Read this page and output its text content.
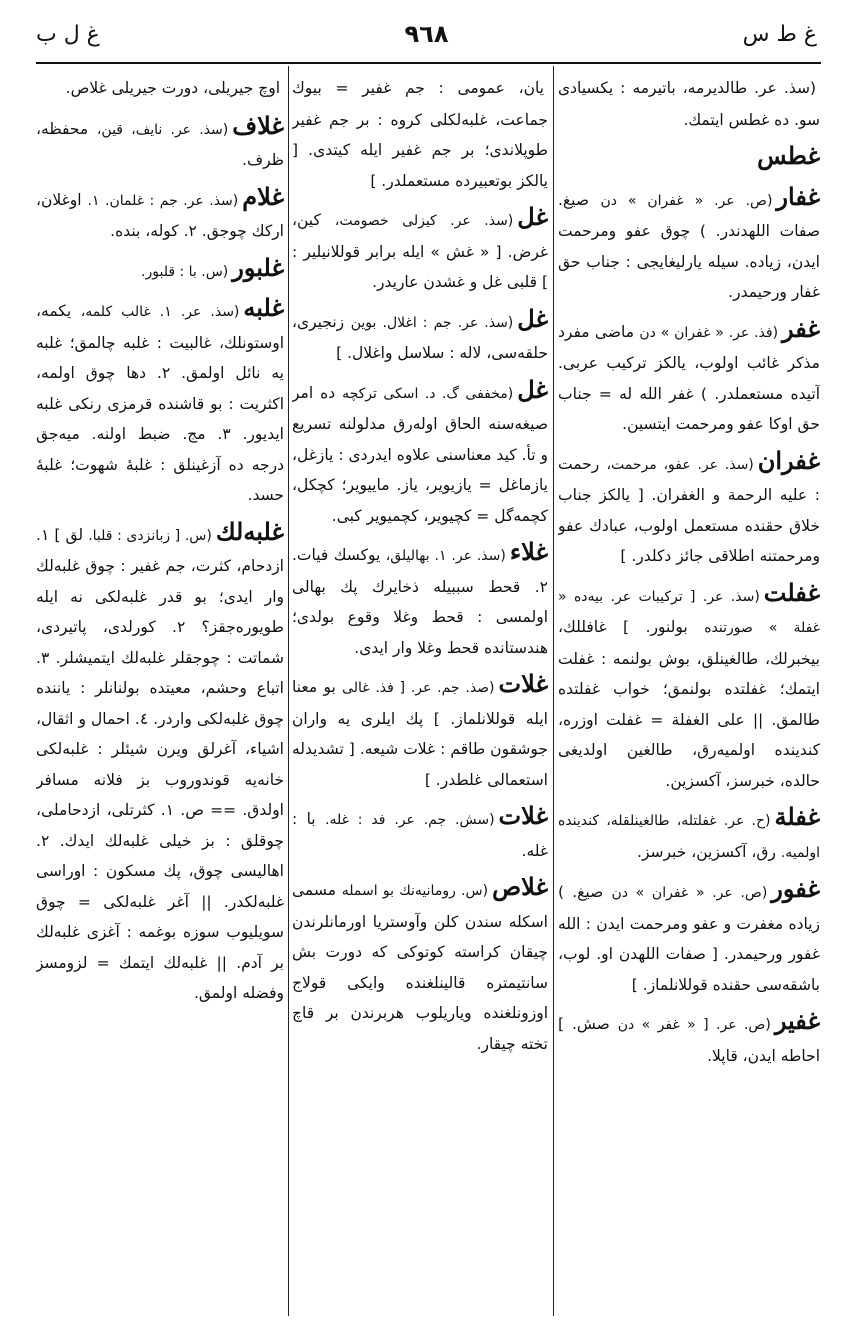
غ ط س
٩٦٨
غ ل ب

(سذ. عر. طالدیرمه، باتیرمه : یکسیادی سو. ده غطس ایتمك.

غطس

غفار(ص. عر. « غفران » دن صیغ. صفات اللهدندر. ) چوق عفو ومرحمت ایدن، زیاده. سیله یارلیغایجی : جناب حق غفار ورحیمدر.

غفر(فذ. عر. « غفران » دن ماضی مفرد مذکر غائب اولوب، یالکز ترکیب عربی. آتیده مستعملدر. ) غفر الله له = جناب حق اوکا عفو ومرحمت ایتسین.

غفران(سذ. عر. عفو، مرحمت، رحمت : علیه الرحمة و الغفران. [ یالکز جناب خلاق حقنده مستعمل اولوب، عبادك عفو ومرحمتنه اطلاقی جائز دکلدر. ]

غفلت(سذ. عر. [ ترکیبات عر. بیه‌ده « غفلة » صورتنده بولنور. ] غافللك، بیخبرلك، طالغینلق، بوش بولنمه : غفلت ایتمك؛ غفلتده بولنمق؛ خواب غفلتده طالمق. || علی الغفلة = غفلت اوزره، کندینده اولمیه‌رق، طالغین اولدیغی حالده، خبرسز، آکسزین.

غفلة(ح. عر. غفلتله، طالغینلقله، کندینده اولمیه. رق، آکسزین، خبرسز.

غفور(ص. عر. « غفران » دن صیغ. ) زیاده مغفرت و عفو ومرحمت ایدن : الله غفور ورحیمدر. [ صفات اللهدن او. لوب، باشقه‌سی حقنده قوللانلماز. ]

غفیر(ص. عر. [ « غفر » دن صش. ] احاطه ایدن، قاپلا.

یان، عمومی : جم غفیر = بیوك جماعت، غلبه‌لکلی کروه : بر جم غفیر طوپلاندی؛ بر جم غفیر ایله کیتدی. [ یالکز بوتعبیرده مستعملدر. ]

غل(سذ. عر. کیزلی خصومت، کین، غرض. [ « غش » ایله برابر قوللانیلیر : ] قلبی غل و غشدن عاریدر.

غل(سذ. عر. جم : اغلال. بوین زنجیری، حلقه‌سی، لاله : سلاسل واغلال. ]

غل(مخففی گ. د. اسکی ترکچه ده امر صیغه‌سنه الحاق اوله‌رق مدلولنه تسریع و تأ. کید معناسنی علاوه ایدردی : یازغل، یازماغل = یازیویر، یاز. ماییویر؛ کچکل، کچمه‌گل = کچیویر، کچمیویر کبی.

غلاء(سذ. عر. ١. بهالیلق، یوکسك فیات. ٢. قحط سببیله ذخایرك پك بهالی اولمسی : قحط وغلا وقوع بولدی؛ هندستانده قحط وغلا وار ایدی.

غلات(صذ. جم. عر. [ فذ. غالی بو معنا ایله قوللانلماز. ] پك ایلری یه واران جوشقون طاقم : غلات شیعه. [ تشدیدله استعمالی غلطدر. ]

غلات(سش. جم. عر. فد : غله. با : غله.

غلاص(س. رومانیه‌نك بو اسمله مسمی اسکله سندن کلن وآوستریا اورمانلرندن چیقان کراسته کوتوکی که دورت بش سانتیمتره قالینلغنده وایکی قولاج اوزونلغنده ویاریلوب هربرندن بر قاچ تخته چیقار.

اوچ جیریلی، دورت جیریلی غلاص.

غلاف(سذ. عر. نایف، قین، محفظه، ظرف.

غلام(سذ. عر. جم : غلمان. ١. اوغلان، ارکك چوجق. ٢. کوله، بنده.

غلبور(س. با : قلبور.

غلبه(سذ. عر. ١. غالب کلمه، یکمه، اوستونلك، غالبیت : غلبه چالمق؛ غلبه یه نائل اولمق. ٢. دها چوق اولمه، اکثریت : بو قاشنده قرمزی رنکی غلبه ایدیور. ٣. مج. ضبط اولنه. میه‌جق درجه ده آزغینلق : غلبهٔ شهوت؛ غلبهٔ حسد.

غلبه‌لك(س. [ زبانزدی : قلبا. لق ] ١. ازدحام، کثرت، جم غفیر : چوق غلبه‌لك وار ایدی؛ بو قدر غلبه‌لکی نه ایله طویوره‌جقز؟ ٢. کورلدی، پاتیردی، شماتت : چوجقلر غلبه‌لك ایتمیشلر. ٣. اتباع وحشم، معیتده بولنانلر : یاننده چوق غلبه‌لکی واردر. ٤. احمال و اثقال، اشیاء، آغرلق ویرن شیئلر : غلبه‌لکی خانه‌یه قوندوروب بز فلانه مسافر اولدق. == ص. ١. کثرتلی، ازدحاملی، چوقلق : بز خیلی غلبه‌لك ایدك. ٢. اهالیسی چوق، پك مسکون : اوراسی غلبه‌لکدر. || آغر غلبه‌لکی = چوق سویلیوب سوزه بوغمه : آغزی غلبه‌لك بر آدم. || غلبه‌لك ایتمك = لزومسز وفضله اولمق.
